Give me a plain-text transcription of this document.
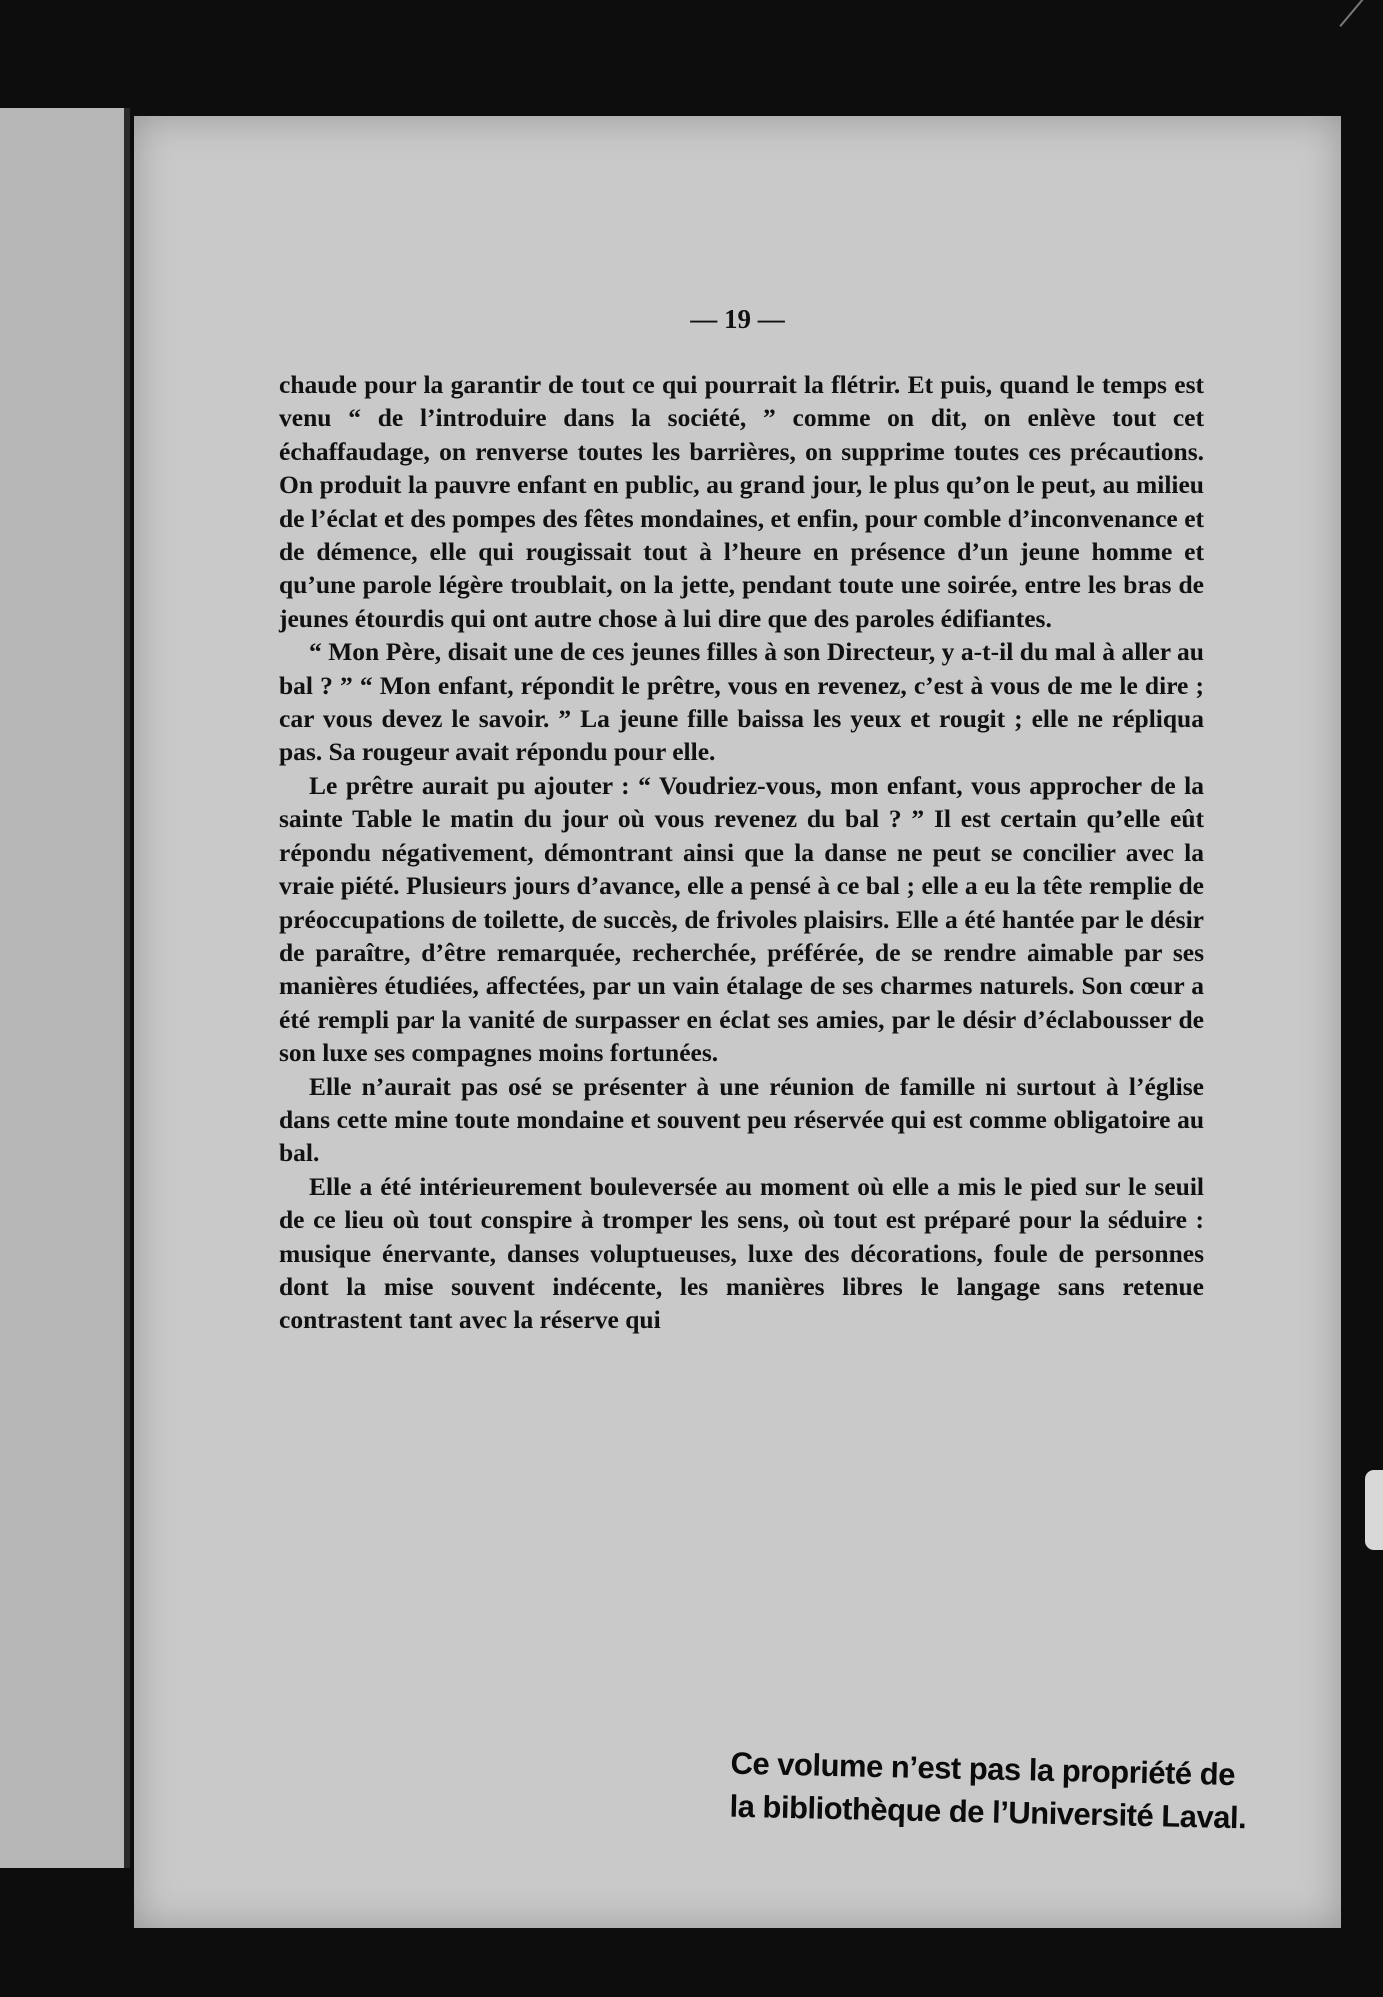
— 19 —

chaude pour la garantir de tout ce qui pourrait la flétrir. Et puis, quand le temps est venu “ de l’introduire dans la société, ” comme on dit, on enlève tout cet échaffaudage, on renverse toutes les barrières, on supprime toutes ces précautions. On produit la pauvre enfant en public, au grand jour, le plus qu’on le peut, au milieu de l’éclat et des pompes des fêtes mondaines, et enfin, pour comble d’inconvenance et de démence, elle qui rougissait tout à l’heure en présence d’un jeune homme et qu’une parole légère troublait, on la jette, pendant toute une soirée, entre les bras de jeunes étourdis qui ont autre chose à lui dire que des paroles édifiantes.

“ Mon Père, disait une de ces jeunes filles à son Directeur, y a-t-il du mal à aller au bal ? ” “ Mon enfant, répondit le prêtre, vous en revenez, c’est à vous de me le dire ; car vous devez le savoir. ” La jeune fille baissa les yeux et rougit ; elle ne répliqua pas. Sa rougeur avait répondu pour elle.

Le prêtre aurait pu ajouter : “ Voudriez-vous, mon enfant, vous approcher de la sainte Table le matin du jour où vous revenez du bal ? ” Il est certain qu’elle eût répondu négativement, démontrant ainsi que la danse ne peut se concilier avec la vraie piété. Plusieurs jours d’avance, elle a pensé à ce bal ; elle a eu la tête remplie de préoccupations de toilette, de succès, de frivoles plaisirs. Elle a été hantée par le désir de paraître, d’être remarquée, recherchée, préférée, de se rendre aimable par ses manières étudiées, affectées, par un vain étalage de ses charmes naturels. Son cœur a été rempli par la vanité de surpasser en éclat ses amies, par le désir d’éclabousser de son luxe ses compagnes moins fortunées.

Elle n’aurait pas osé se présenter à une réunion de famille ni surtout à l’église dans cette mine toute mondaine et souvent peu réservée qui est comme obligatoire au bal.

Elle a été intérieurement bouleversée au moment où elle a mis le pied sur le seuil de ce lieu où tout conspire à tromper les sens, où tout est préparé pour la séduire : musique énervante, danses voluptueuses, luxe des décorations, foule de personnes dont la mise souvent indécente, les manières libres le langage sans retenue contrastent tant avec la réserve qui

Ce volume n’est pas la propriété de
la bibliothèque de l’Université Laval.
